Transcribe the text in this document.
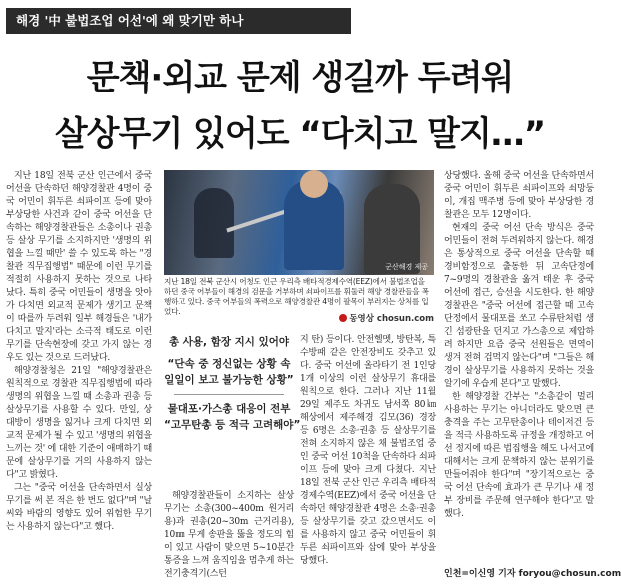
해경 '中 불법조업 어선'에 왜 맞기만 하나
문책·외교 문제 생길까 두려워
살상무기 있어도 “다치고 말지…”

지난 18일 전북 군산 인근에서 중국 어선을 단속하던 해양경찰관 4명이 중국 어민이 휘두른 쇠파이프 등에 맞아 부상당한 사건과 같이 중국 어선을 단속하는 해양경찰관들은 소총이나 권총 등 살상 무기를 소지하지만 '생명의 위협을 느낄 때만' 쓸 수 있도록 하는 "경찰관 직무집행법" 때문에 이런 무기를 적절히 사용하지 못하는 것으로 나타났다. 특히 중국 어민들이 생명을 앗아가 다치면 외교적 문제가 생기고 문책이 따를까 두려워 일부 해경들은 '내가 다치고 말지'라는 소극적 태도로 이런 무기를 단속현장에 갖고 가지 않는 경우도 있는 것으로 드러났다.

해양경찰청은 21일 "해양경찰관은 원칙적으로 경찰관 직무집행법에 따라 생명의 위협을 느낄 때 소총과 권총 등 살상무기를 사용할 수 있다. 만일, 상대방이 생명을 잃거나 크게 다치면 외교적 문제가 될 수 있고 '생명의 위협을 느끼는 것' 에 대한 기준이 애매하기 때문에 살상무기를 거의 사용하지 않는다"고 밝혔다.

그는 "중국 어선을 단속하면서 실상 무기를 써 본 적은 한 번도 없다"며 "날씨와 바람의 영향도 있어 위험한 무기는 사용하지 않는다"고 했다.

군산해경 제공
지난 18일 전북 군산시 어청도 인근 우리측 배타적경제수역(EEZ)에서 불법조업을 하던 중국 어부들이 해경의 검문을 거부하며 쇠파이프를 휘둘러 해양 경찰관들을 폭행하고 있다. 중국 어부들의 폭력으로 해양경찰관 4명이 팔목이 부러지는 상처를 입었다.
동영상 chosun.com
총 사용, 함장 지시 있어야
“단속 중 정신없는 상황 속
일일이 보고 불가능한 상황”
물대포·가스총 대응이 전부
“고무탄총 등 적극 고려해야”

해양경찰관들이 소지하는 살상무기는 소총(300~400m 원거리용)과 권총(20~30m 근거리용), 10㎜ 무게 송판을 뚫을 정도의 힘이 있고 사람이 맞으면 5~10분간 통증을 느껴 움직임을 멈추게 하는 전기충격기(스턴

지 탄) 등이다. 안전헬멧, 방탄복, 특수방패 같은 안전장비도 갖추고 있다. 중국 어선에 올라타기 전 1인당 1개 이상의 이런 살상무기 휴대를 원칙으로 한다. 그러나 지난 11월 29일 제주도 차귀도 남서쪽 80㎞ 해상에서 제주해경 김모(36) 경장 등 6명은 소총·권총 등 살상무기를 전혀 소지하지 않은 채 불법조업 중인 중국 어선 10척을 단속하다 쇠파이프 등에 맞아 크게 다쳤다. 지난 18일 전북 군산 인근 우리측 배타적경제수역(EEZ)에서 중국 어선을 단속하던 해양경찰관 4명은 소총·권총 등 살상무기를 갖고 갔으면서도 이를 사용하지 않고 중국 어민들이 휘두른 쇠파이프와 삽에 맞아 부상을 당했다.

상당했다. 올해 중국 어선을 단속하면서 중국 어민이 휘두른 쇠파이프와 쇠망둥이, 개집 맥주병 등에 맞아 부상당한 경찰관은 모두 12명이다.

현재의 중국 어선 단속 방식은 중국 어민들이 전혀 두려워하지 않는다. 해경은 통상적으로 중국 어선을 단속할 때 경비함정으로 출동한 뒤 고속단정에 7~9명의 경찰관을 옮겨 태운 후 중국 어선에 접근, 승선을 시도한다. 한 해양경찰관은 "중국 어선에 접근할 때 고속단정에서 물대포를 쏘고 수류탄처럼 생긴 섬광탄을 던지고 가스총으로 제압하려 하지만 요즘 중국 선원들은 면역이 생겨 전혀 겁먹지 않는다"며 "그들은 해경이 살상무기를 사용하지 못하는 것을 알기에 우습게 본다"고 말했다.

한 해양경찰 간부는 "소총같이 멀리 사용하는 무기는 아니더라도 맞으면 큰 충격을 주는 고무탄총이나 테이저건 등을 적극 사용하도록 규정을 개정하고 어선 정지에 따른 법집행을 해도 나서고에 대해서는 크게 문책하지 않는 분위기를 만들어줘야 한다"며 "장기적으로는 중국 어선 단속에 효과가 큰 무기나 새 정부 장비를 주문해 연구해야 한다"고 말했다.

인천=이신영 기자 foryou@chosun.com
